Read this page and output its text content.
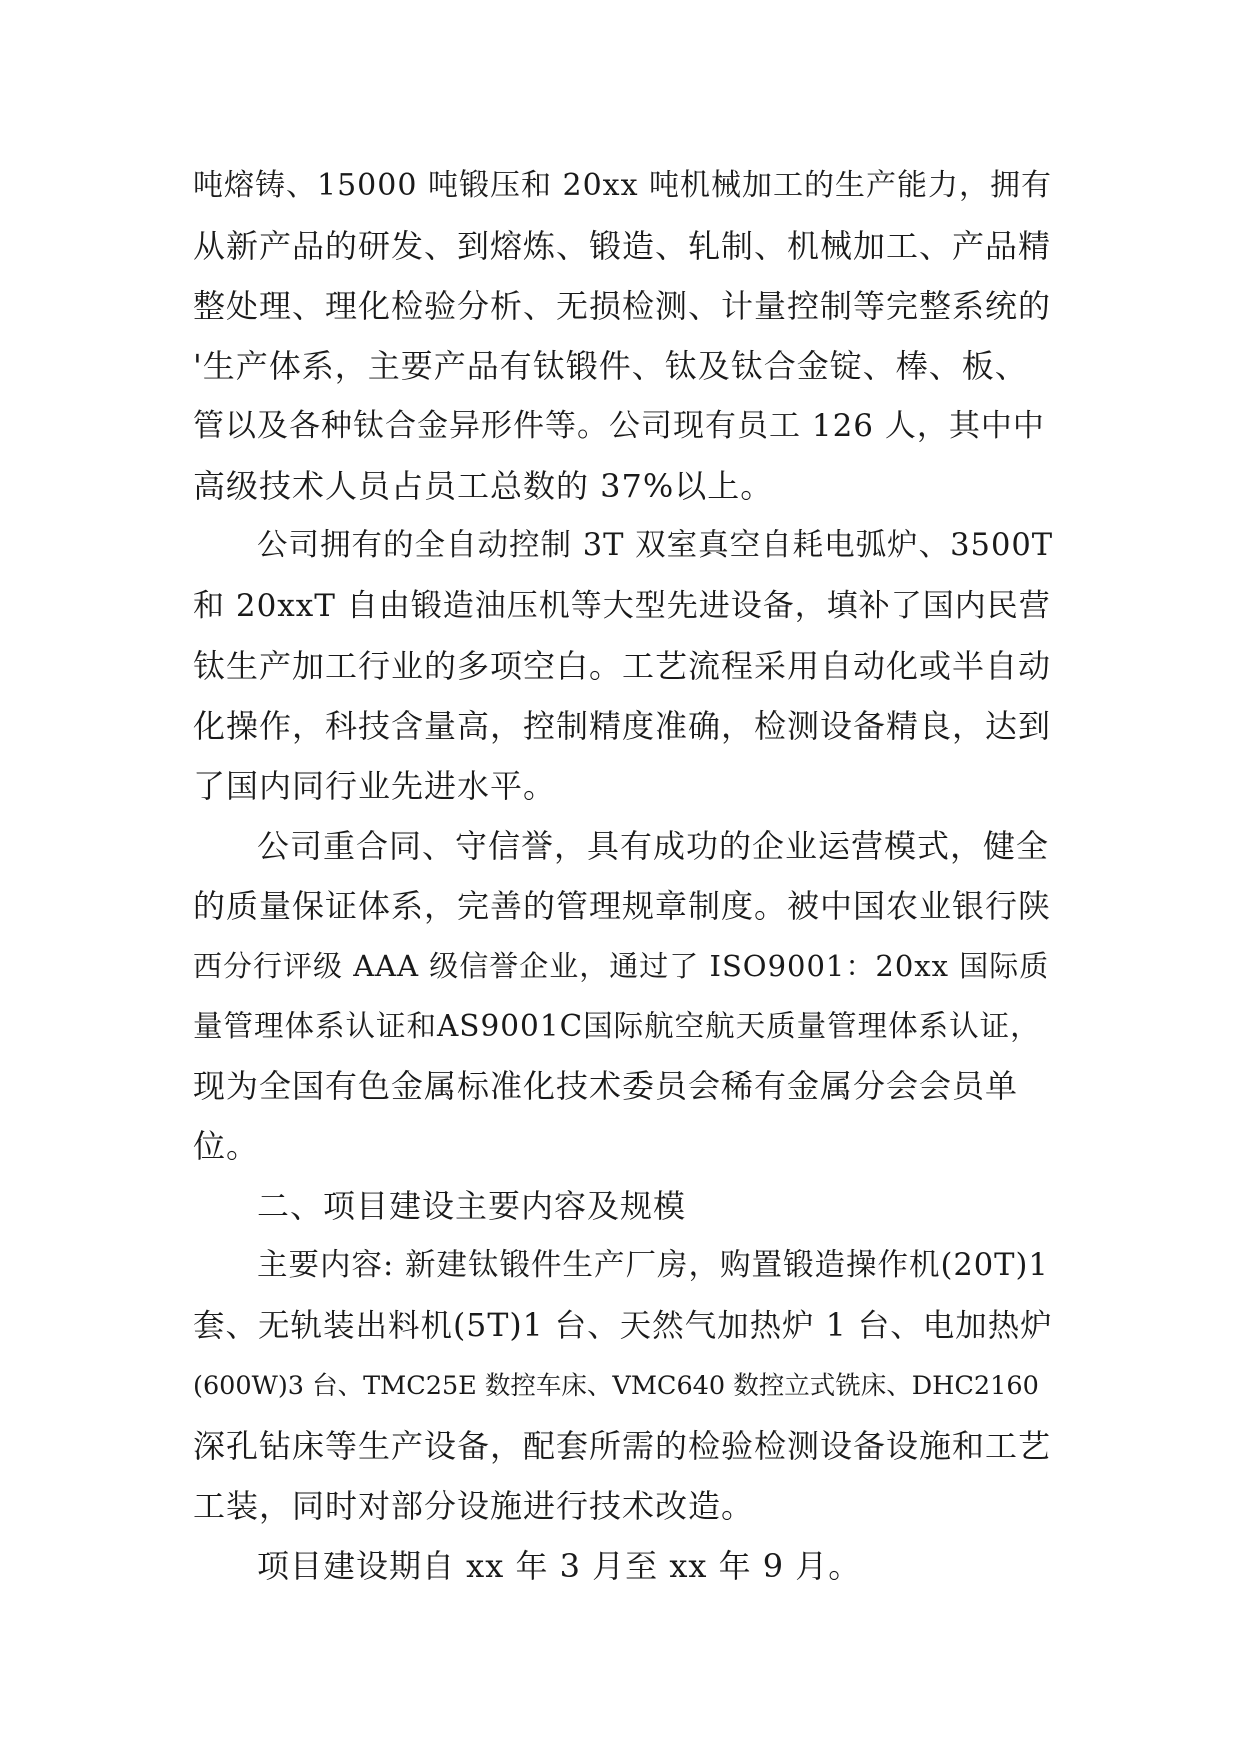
吨熔铸、15000 吨锻压和 20xx 吨机械加工的生产能力，拥有
从新产品的研发、到熔炼、锻造、轧制、机械加工、产品精
整处理、理化检验分析、无损检测、计量控制等完整系统的
'生产体系，主要产品有钛锻件、钛及钛合金锭、棒、板、
管以及各种钛合金异形件等。公司现有员工 126 人，其中中
高级技术人员占员工总数的 37%以上。
公司拥有的全自动控制 3T 双室真空自耗电弧炉、3500T
和 20xxT 自由锻造油压机等大型先进设备，填补了国内民营
钛生产加工行业的多项空白。工艺流程采用自动化或半自动
化操作，科技含量高，控制精度准确，检测设备精良，达到
了国内同行业先进水平。
公司重合同、守信誉，具有成功的企业运营模式，健全
的质量保证体系，完善的管理规章制度。被中国农业银行陕
西分行评级 AAA 级信誉企业，通过了 ISO9001：20xx 国际质
量管理体系认证和AS9001C国际航空航天质量管理体系认证，
现为全国有色金属标准化技术委员会稀有金属分会会员单
位。
二、项目建设主要内容及规模
主要内容: 新建钛锻件生产厂房，购置锻造操作机(20T)1
套、无轨装出料机(5T)1 台、天然气加热炉 1 台、电加热炉
(600W)3 台、TMC25E 数控车床、VMC640 数控立式铣床、DHC2160
深孔钻床等生产设备，配套所需的检验检测设备设施和工艺
工装，同时对部分设施进行技术改造。
项目建设期自 xx 年 3 月至 xx 年 9 月。
